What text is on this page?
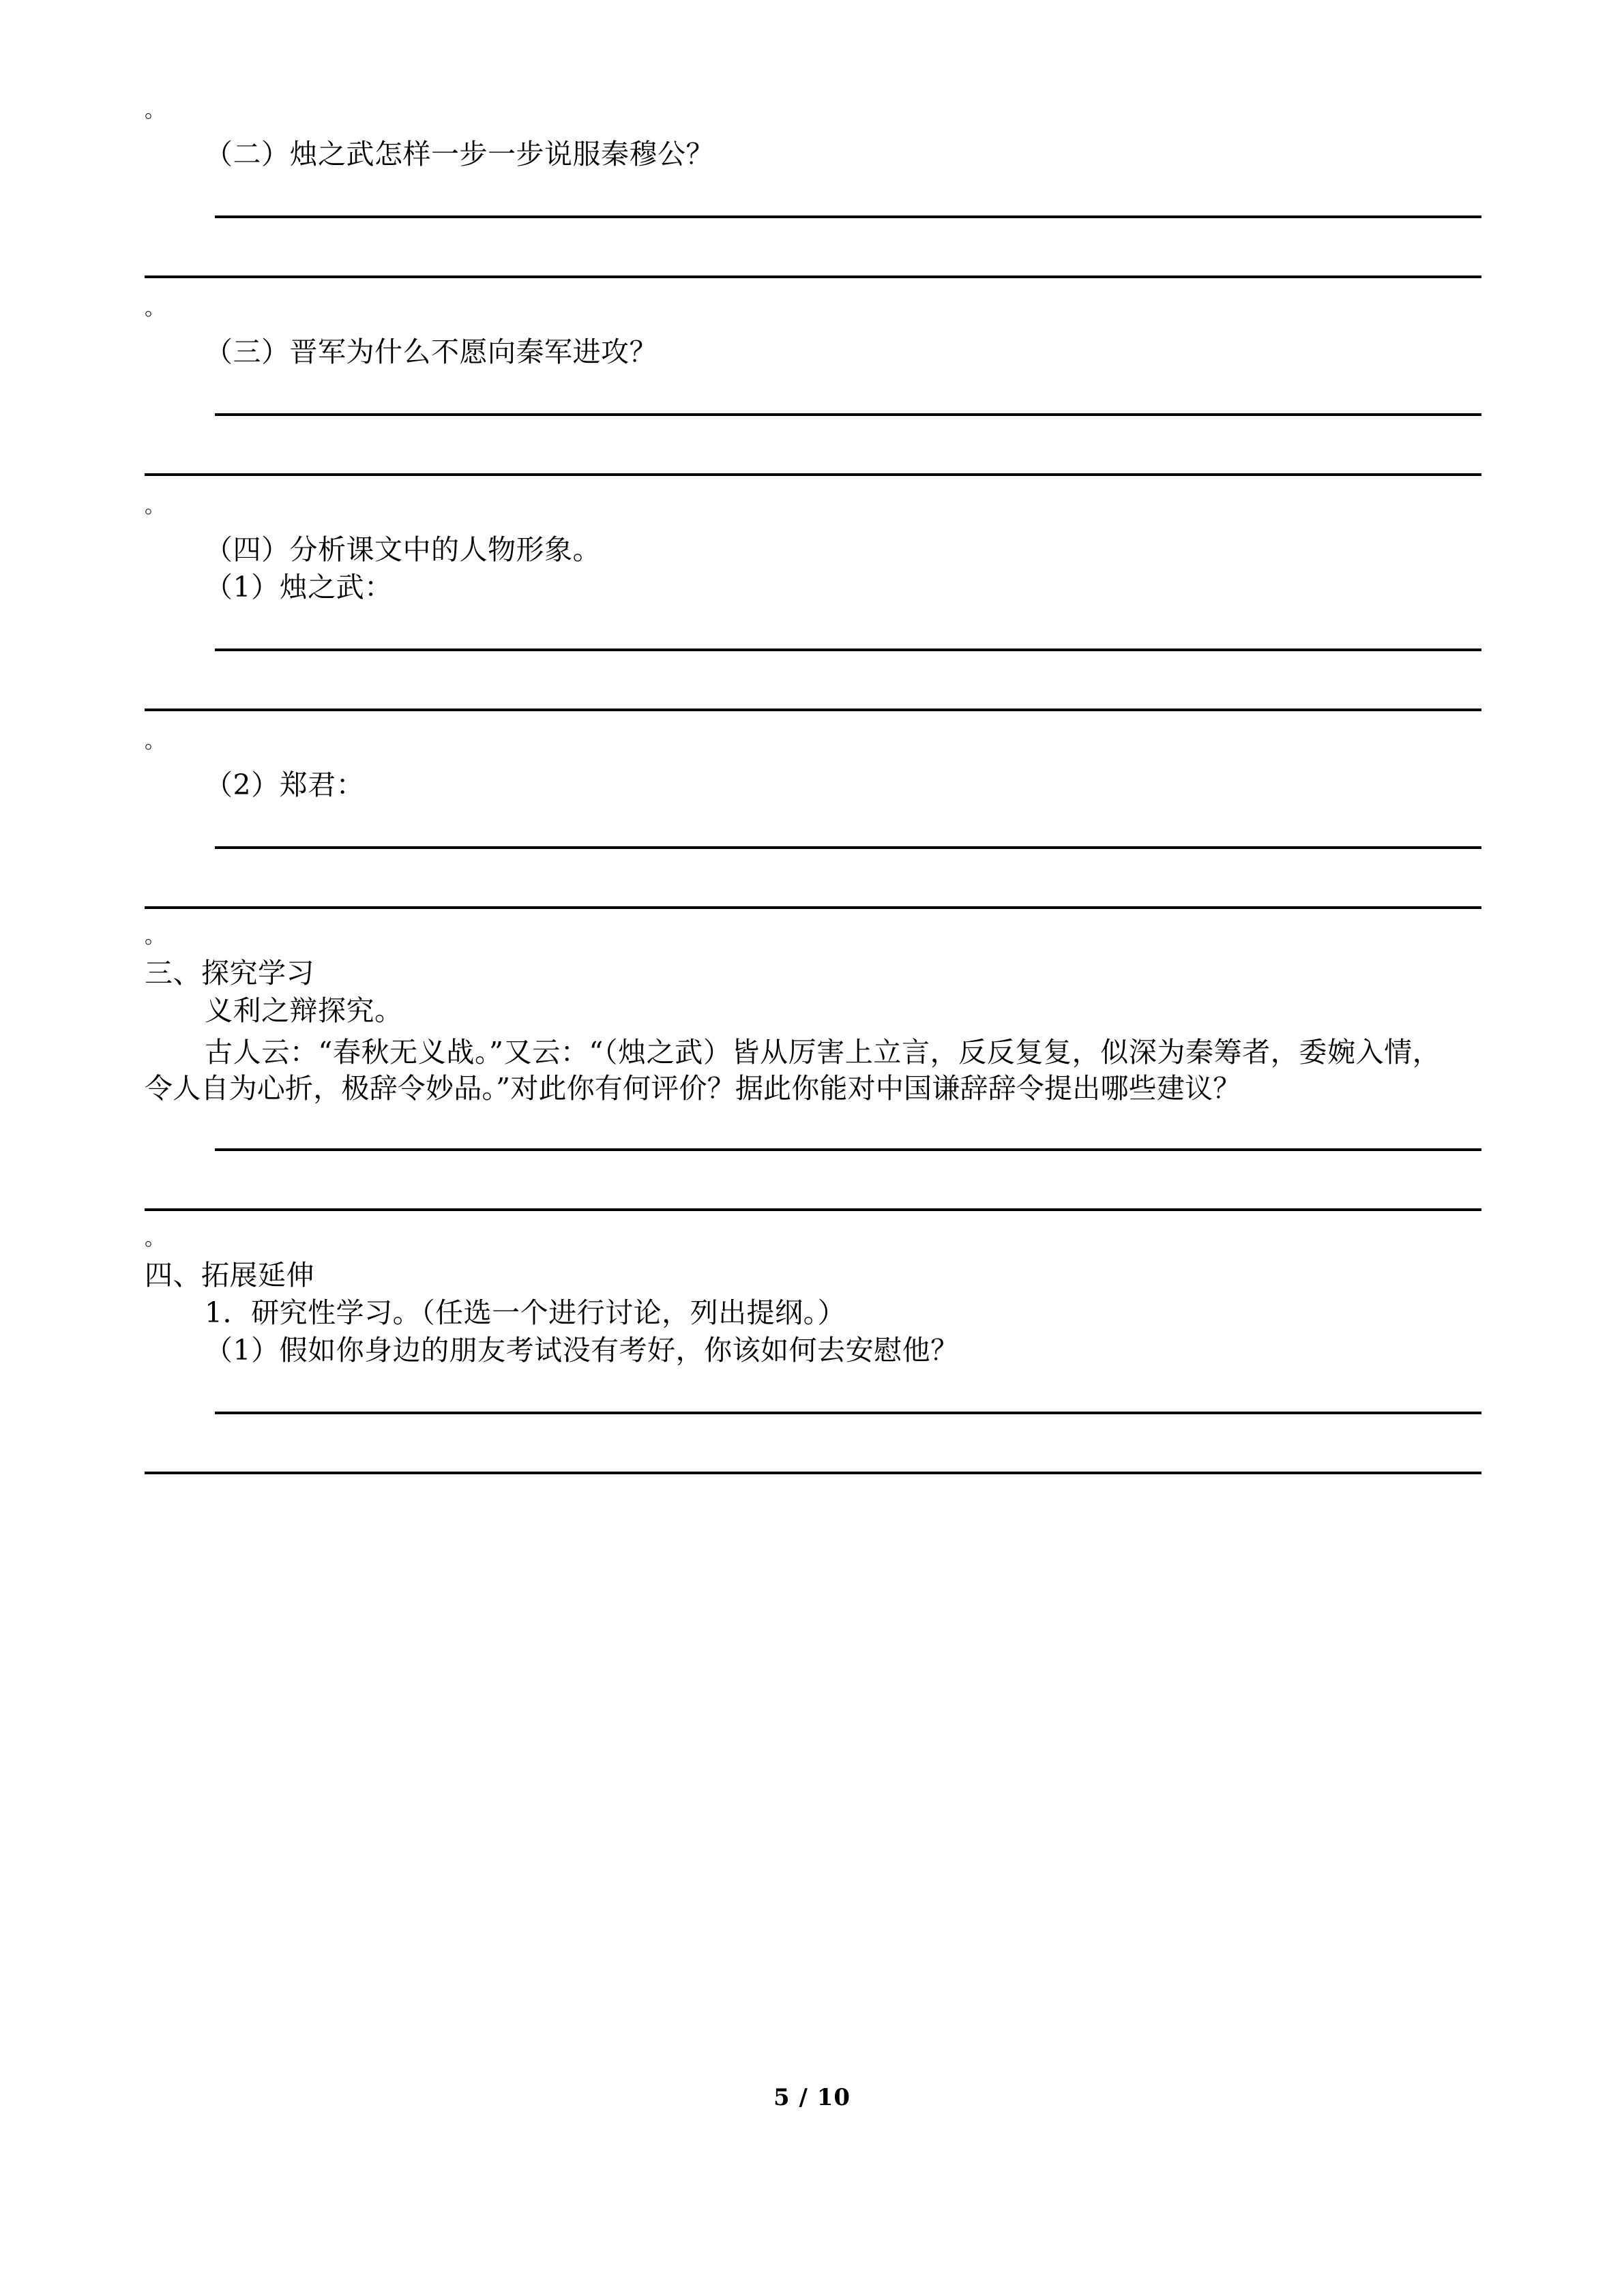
。
（二）烛之武怎样一步一步说服秦穆公？
。
（三）晋军为什么不愿向秦军进攻？
。
（四）分析课文中的人物形象。
（1）烛之武：
。
（2）郑君：
。
三、探究学习
义利之辩探究。
古人云：“春秋无义战。”又云：“（烛之武）皆从厉害上立言，反反复复，似深为秦筹者，委婉入情，令人自为心折，极辞令妙品。”对此你有何评价？据此你能对中国谦辞辞令提出哪些建议？
。
四、拓展延伸
1．研究性学习。（任选一个进行讨论，列出提纲。）
（1）假如你身边的朋友考试没有考好，你该如何去安慰他？
5 / 10
